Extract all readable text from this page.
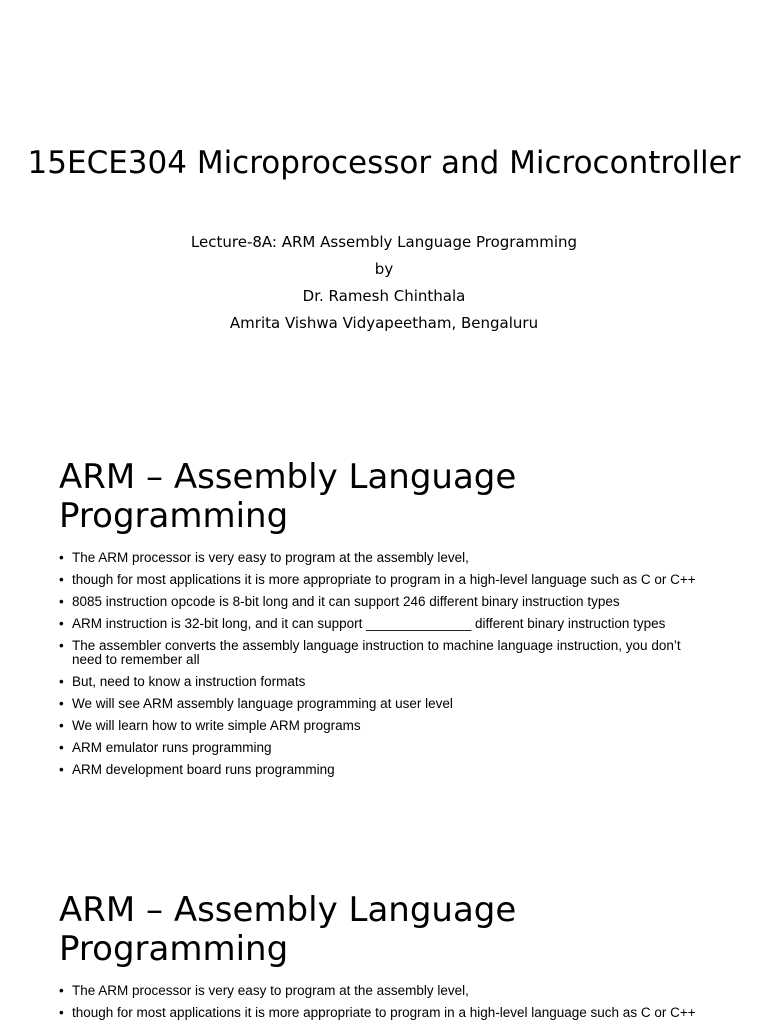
15ECE304 Microprocessor and Microcontroller
Lecture-8A: ARM Assembly Language Programming
by
Dr. Ramesh Chinthala
Amrita Vishwa Vidyapeetham, Bengaluru
ARM – Assembly Language Programming
• The ARM processor is very easy to program at the assembly level,
• though for most applications it is more appropriate to program in a high-level language such as C or C++
• 8085 instruction opcode is 8-bit long and it can support 246 different binary instruction types
• ARM instruction is 32-bit long, and it can support ______________ different binary instruction types
• The assembler converts the assembly language instruction to machine language instruction, you don’t need to remember all
• But, need to know a instruction formats
• We will see ARM assembly language programming at user level
• We will learn how to write simple ARM programs
• ARM emulator runs programming
• ARM development board runs programming
ARM – Assembly Language Programming
• The ARM processor is very easy to program at the assembly level,
• though for most applications it is more appropriate to program in a high-level language such as C or C++
